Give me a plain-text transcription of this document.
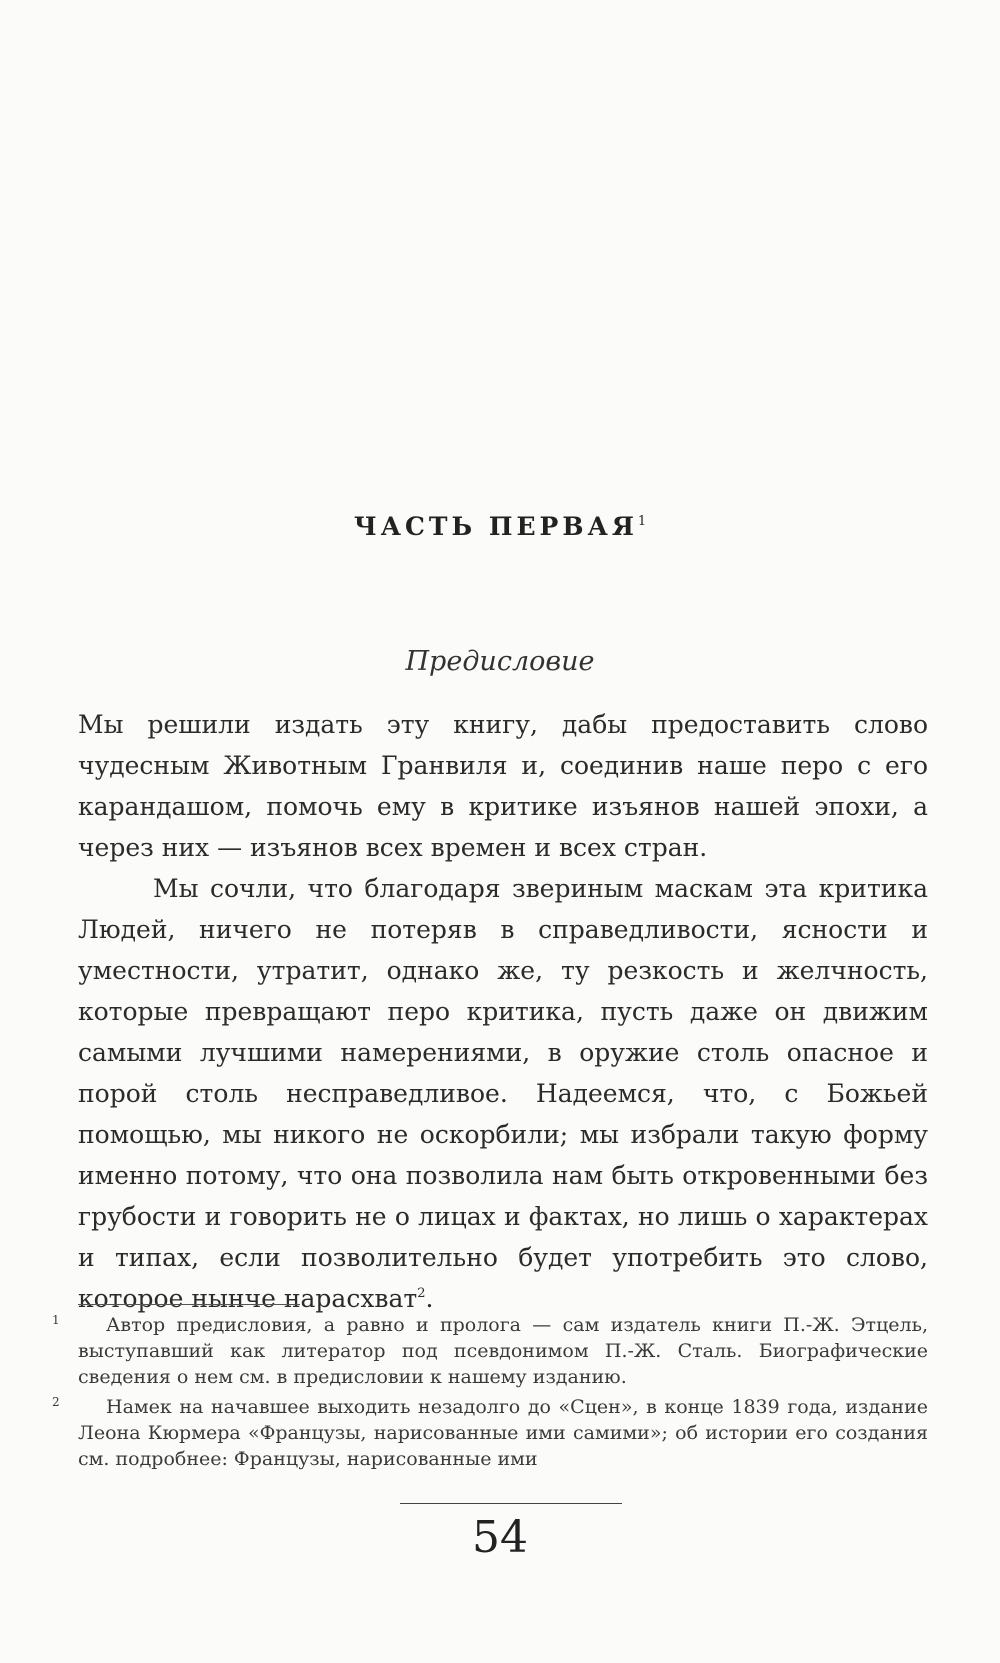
ЧАСТЬ ПЕРВАЯ$^1$
Предисловие

Мы решили издать эту книгу, дабы предоставить слово чудесным Животным Гранвиля и, соединив наше перо с его карандашом, помочь ему в критике изъянов нашей эпохи, а через них — изъянов всех времен и всех стран.

Мы сочли, что благодаря звериным маскам эта критика Людей, ничего не потеряв в справедливости, ясности и уместности, утратит, однако же, ту резкость и желчность, которые превращают перо критика, пусть даже он движим самыми лучшими намерениями, в оружие столь опасное и порой столь несправедливое. Надеемся, что, с Божьей помощью, мы никого не оскорбили; мы избрали такую форму именно потому, что она позволила нам быть откровенными без грубости и говорить не о лицах и фактах, но лишь о характерах и типах, если позволительно будет употребить это слово, которое нынче нарасхват$^2$.

1 Автор предисловия, а равно и пролога — сам издатель книги П.-Ж. Этцель, выступавший как литератор под псевдонимом П.-Ж. Сталь. Биографические сведения о нем см. в предисловии к нашему изданию.

2 Намек на начавшее выходить незадолго до «Сцен», в конце 1839 года, издание Леона Кюрмера «Французы, нарисованные ими самими»; об истории его создания см. подробнее: Французы, нарисованные ими

54
